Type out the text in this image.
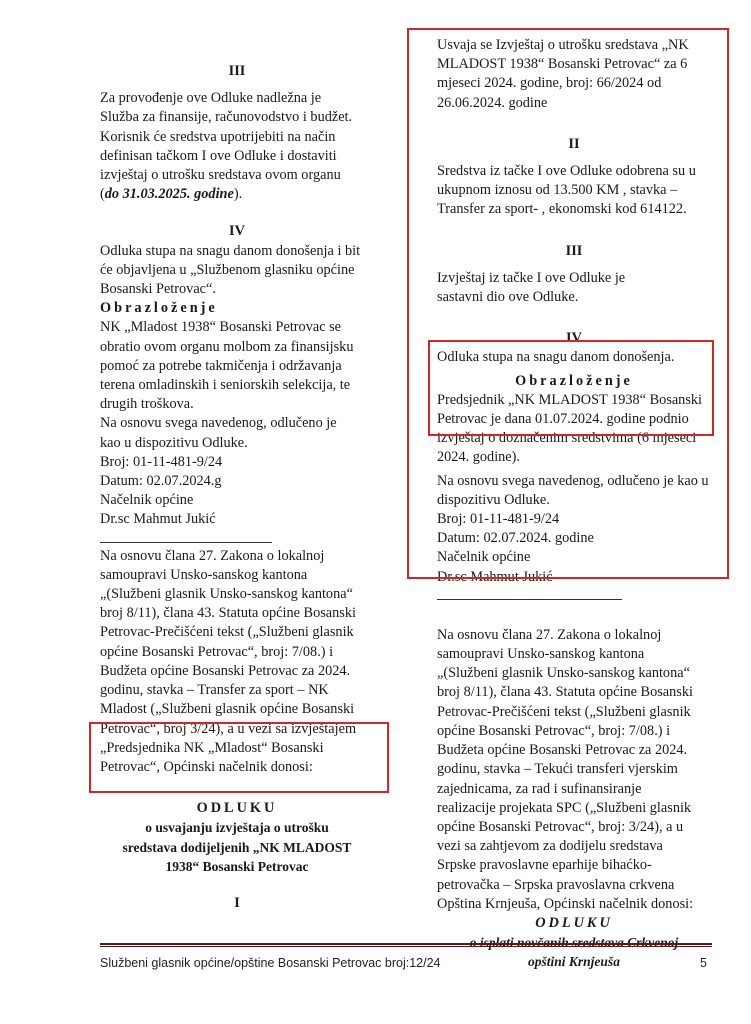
III

Za provođenje ove Odluke nadležna je

Služba za finansije, računovodstvo i budžet.

Korisnik će sredstva upotrijebiti na način

definisan tačkom I ove Odluke i dostaviti

izvještaj o utrošku sredstava ovom organu

(do 31.03.2025. godine).

IV

Odluka stupa na snagu danom donošenja i bit

će objavljena u „Službenom glasniku općine

Bosanski Petrovac“.

Obrazloženje

NK „Mladost 1938“ Bosanski Petrovac se

obratio ovom organu molbom za finansijsku

pomoć za potrebe takmičenja i održavanja

terena omladinskih i seniorskih selekcija, te

drugih troškova.

Na osnovu svega navedenog, odlučeno je

kao u dispozitivu Odluke.

Broj: 01-11-481-9/24

Datum: 02.07.2024.g

Načelnik općine

Dr.sc Mahmut Jukić

Na osnovu člana 27. Zakona o lokalnoj

samoupravi Unsko-sanskog kantona

„(Službeni glasnik Unsko-sanskog kantona“

broj 8/11), člana 43. Statuta općine Bosanski

Petrovac-Prečišćeni tekst („Službeni glasnik

općine Bosanski Petrovac“, broj: 7/08.) i

Budžeta općine Bosanski Petrovac za 2024.

godinu, stavka – Transfer za sport – NK

Mladost („Službeni glasnik općine Bosanski

Petrovac“, broj 3/24), a u vezi sa izvještajem

„Predsjednika NK „Mladost“ Bosanski

Petrovac“, Općinski načelnik donosi:

ODLUKU

o usvajanju izvještaja o utrošku

sredstava dodijeljenih „NK MLADOST

1938“ Bosanski Petrovac

I

Usvaja se Izvještaj o utrošku sredstava „NK

MLADOST 1938“ Bosanski Petrovac“ za 6

mjeseci 2024. godine, broj: 66/2024 od

26.06.2024. godine

II

Sredstva iz tačke I ove Odluke odobrena su u

ukupnom iznosu od 13.500 KM , stavka –

Transfer za sport- , ekonomski kod 614122.

III

Izvještaj iz tačke I ove Odluke je

sastavni dio ove Odluke.

IV

Odluka stupa na snagu danom donošenja.

Obrazloženje

Predsjednik „NK MLADOST 1938“ Bosanski

Petrovac je dana 01.07.2024. godine podnio

izvještaj o doznačenim sredstvima (6 mjeseci

2024. godine).

Na osnovu svega navedenog, odlučeno je kao u

dispozitivu Odluke.

Broj: 01-11-481-9/24

Datum: 02.07.2024. godine

Načelnik općine

Dr.sc Mahmut Jukić

Na osnovu člana 27. Zakona o lokalnoj

samoupravi Unsko-sanskog kantona

„(Službeni glasnik Unsko-sanskog kantona“

broj 8/11), člana 43. Statuta općine Bosanski

Petrovac-Prečišćeni tekst („Službeni glasnik

općine Bosanski Petrovac“, broj: 7/08.) i

Budžeta općine Bosanski Petrovac za 2024.

godinu, stavka – Tekući transferi vjerskim

zajednicama, za rad i sufinansiranje

realizacije projekata SPC („Službeni glasnik

općine Bosanski Petrovac“, broj: 3/24), a u

vezi sa zahtjevom za dodijelu sredstava

Srpske pravoslavne eparhije bihaćko-

petrovačka – Srpska pravoslavna crkvena

Opština Krnjeuša, Općinski načelnik donosi:

ODLUKU

opštini Krnjeuša

Službeni glasnik općine/opštine Bosanski Petrovac broj:12/24	5
